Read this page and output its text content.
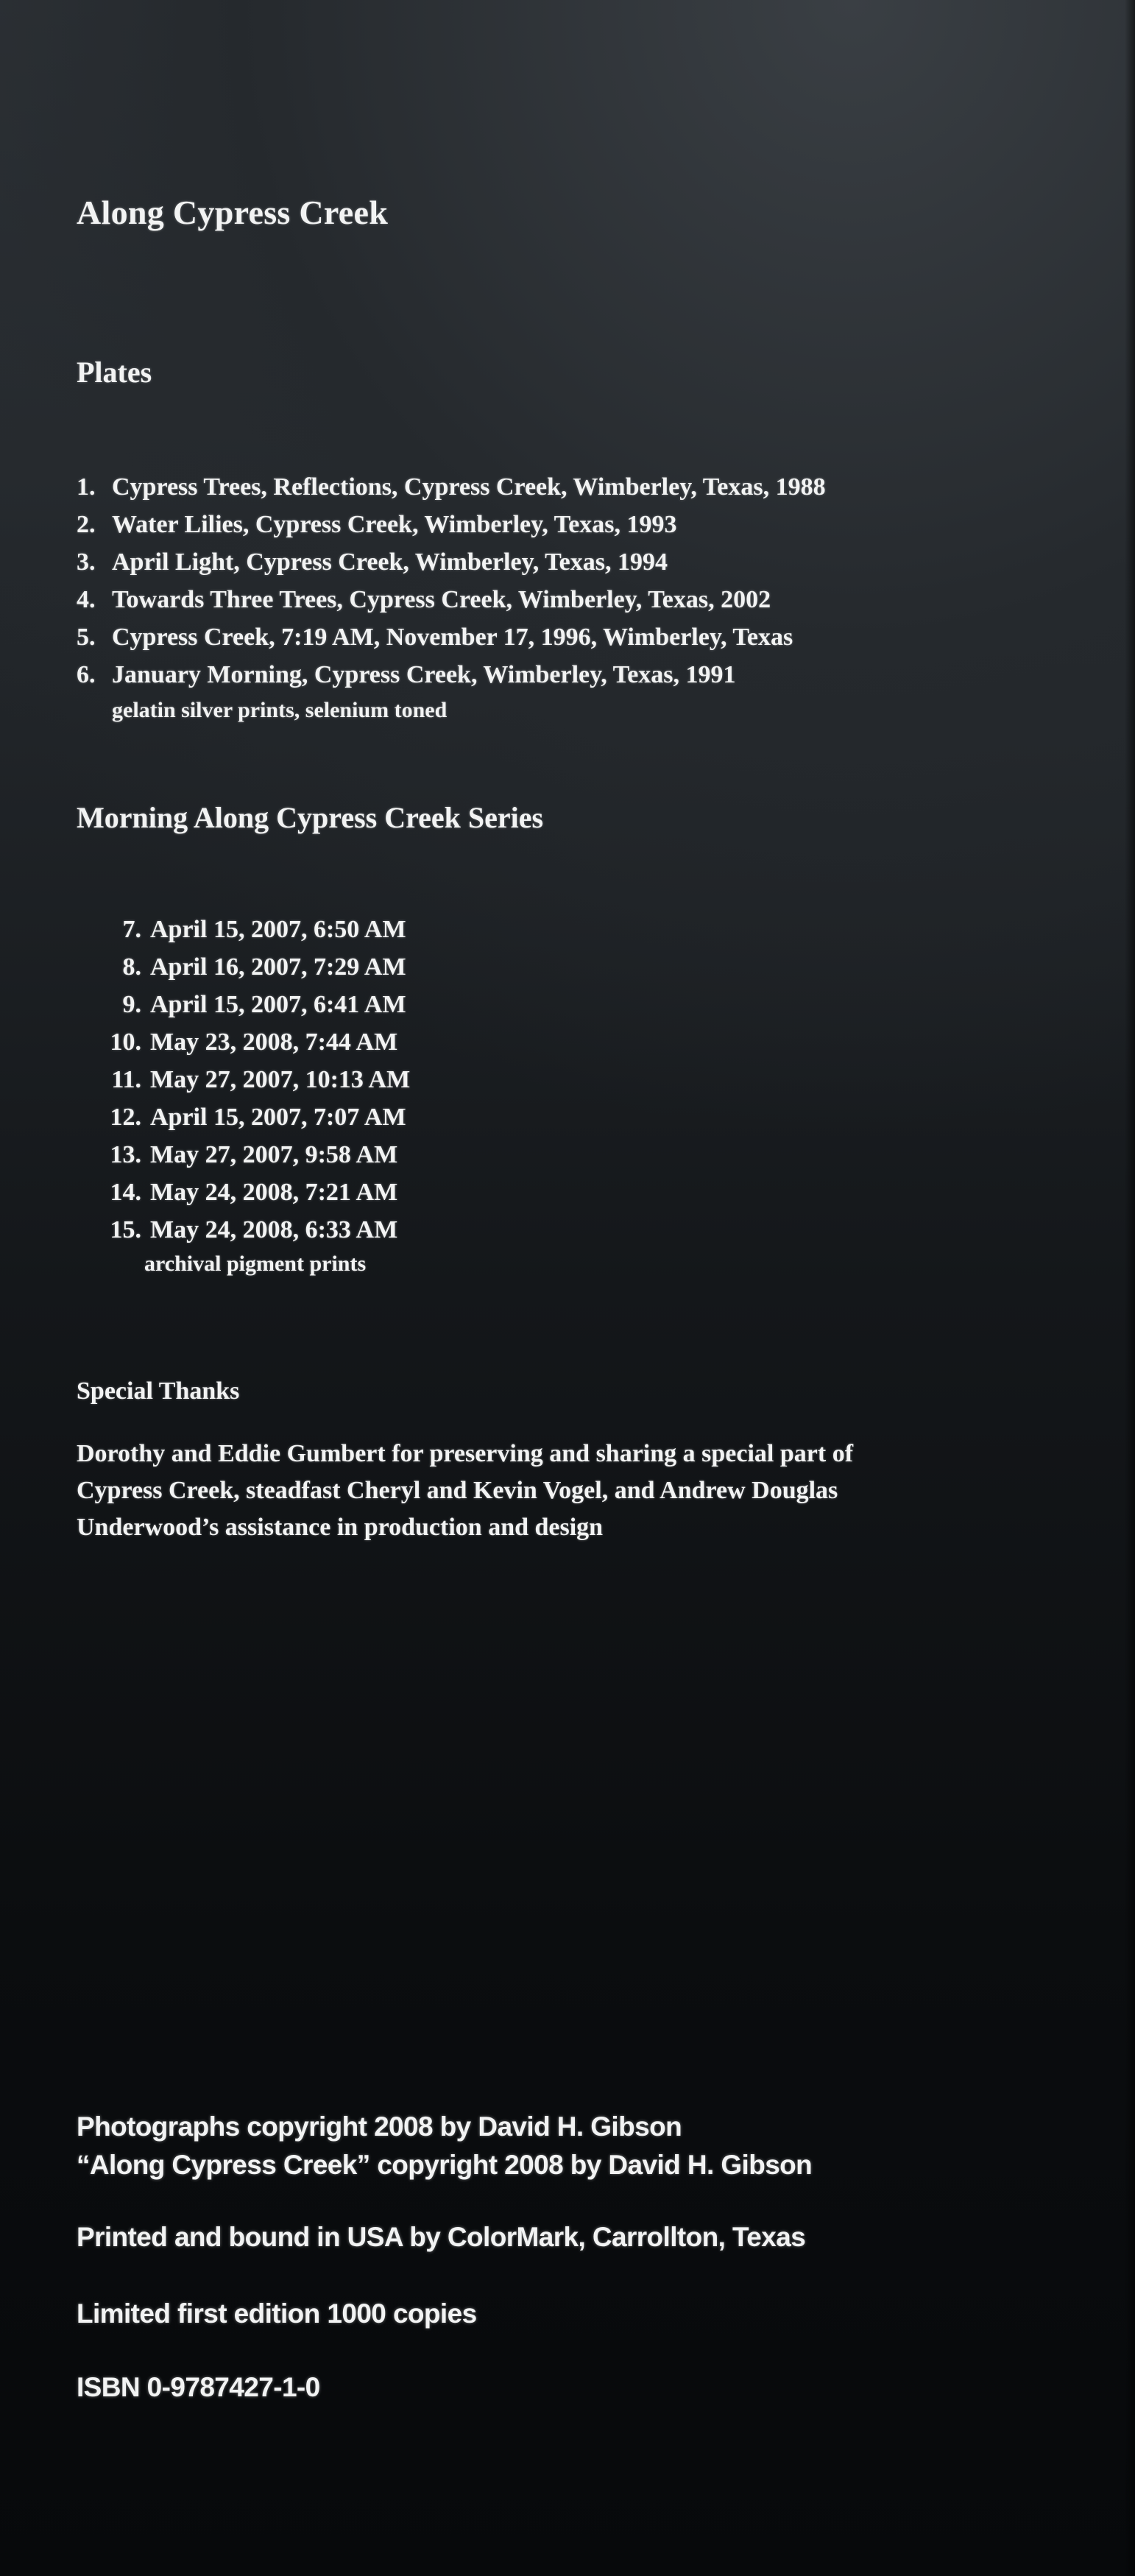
Along Cypress Creek
Plates
1. Cypress Trees, Reflections, Cypress Creek, Wimberley, Texas, 1988
2. Water Lilies, Cypress Creek, Wimberley, Texas, 1993
3. April Light, Cypress Creek, Wimberley, Texas, 1994
4. Towards Three Trees, Cypress Creek, Wimberley, Texas, 2002
5. Cypress Creek, 7:19 AM, November 17, 1996, Wimberley, Texas
6. January Morning, Cypress Creek, Wimberley, Texas, 1991
gelatin silver prints, selenium toned
Morning Along Cypress Creek Series
7. April 15, 2007, 6:50 AM
8. April 16, 2007, 7:29 AM
9. April 15, 2007, 6:41 AM
10. May 23, 2008, 7:44 AM
11. May 27, 2007, 10:13 AM
12. April 15, 2007, 7:07 AM
13. May 27, 2007, 9:58 AM
14. May 24, 2008, 7:21 AM
15. May 24, 2008, 6:33 AM
archival pigment prints
Special Thanks
Dorothy and Eddie Gumbert for preserving and sharing a special part of
Cypress Creek, steadfast Cheryl and Kevin Vogel, and Andrew Douglas
Underwood’s assistance in production and design
Photographs copyright 2008 by David H. Gibson
“Along Cypress Creek” copyright 2008 by David H. Gibson
Printed and bound in USA by ColorMark, Carrollton, Texas
Limited first edition 1000 copies
ISBN 0-9787427-1-0
